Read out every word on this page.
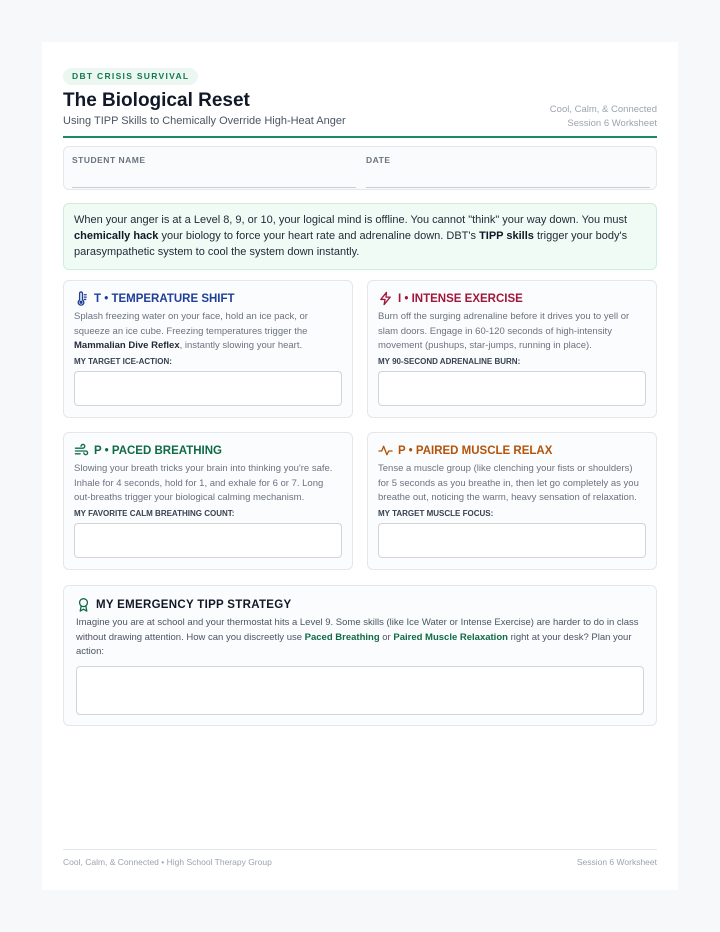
DBT CRISIS SURVIVAL
The Biological Reset
Using TIPP Skills to Chemically Override High-Heat Anger
Cool, Calm, & Connected
Session 6 Worksheet
STUDENT NAME	DATE
When your anger is at a Level 8, 9, or 10, your logical mind is offline. You cannot "think" your way down. You must chemically hack your biology to force your heart rate and adrenaline down. DBT's TIPP skills trigger your body's parasympathetic system to cool the system down instantly.
T • TEMPERATURE SHIFT
Splash freezing water on your face, hold an ice pack, or squeeze an ice cube. Freezing temperatures trigger the Mammalian Dive Reflex, instantly slowing your heart.
MY TARGET ICE-ACTION:
I • INTENSE EXERCISE
Burn off the surging adrenaline before it drives you to yell or slam doors. Engage in 60-120 seconds of high-intensity movement (pushups, star-jumps, running in place).
MY 90-SECOND ADRENALINE BURN:
P • PACED BREATHING
Slowing your breath tricks your brain into thinking you're safe. Inhale for 4 seconds, hold for 1, and exhale for 6 or 7. Long out-breaths trigger your biological calming mechanism.
MY FAVORITE CALM BREATHING COUNT:
P • PAIRED MUSCLE RELAX
Tense a muscle group (like clenching your fists or shoulders) for 5 seconds as you breathe in, then let go completely as you breathe out, noticing the warm, heavy sensation of relaxation.
MY TARGET MUSCLE FOCUS:
MY EMERGENCY TIPP STRATEGY
Imagine you are at school and your thermostat hits a Level 9. Some skills (like Ice Water or Intense Exercise) are harder to do in class without drawing attention. How can you discreetly use Paced Breathing or Paired Muscle Relaxation right at your desk? Plan your action:
Cool, Calm, & Connected • High School Therapy Group	Session 6 Worksheet
